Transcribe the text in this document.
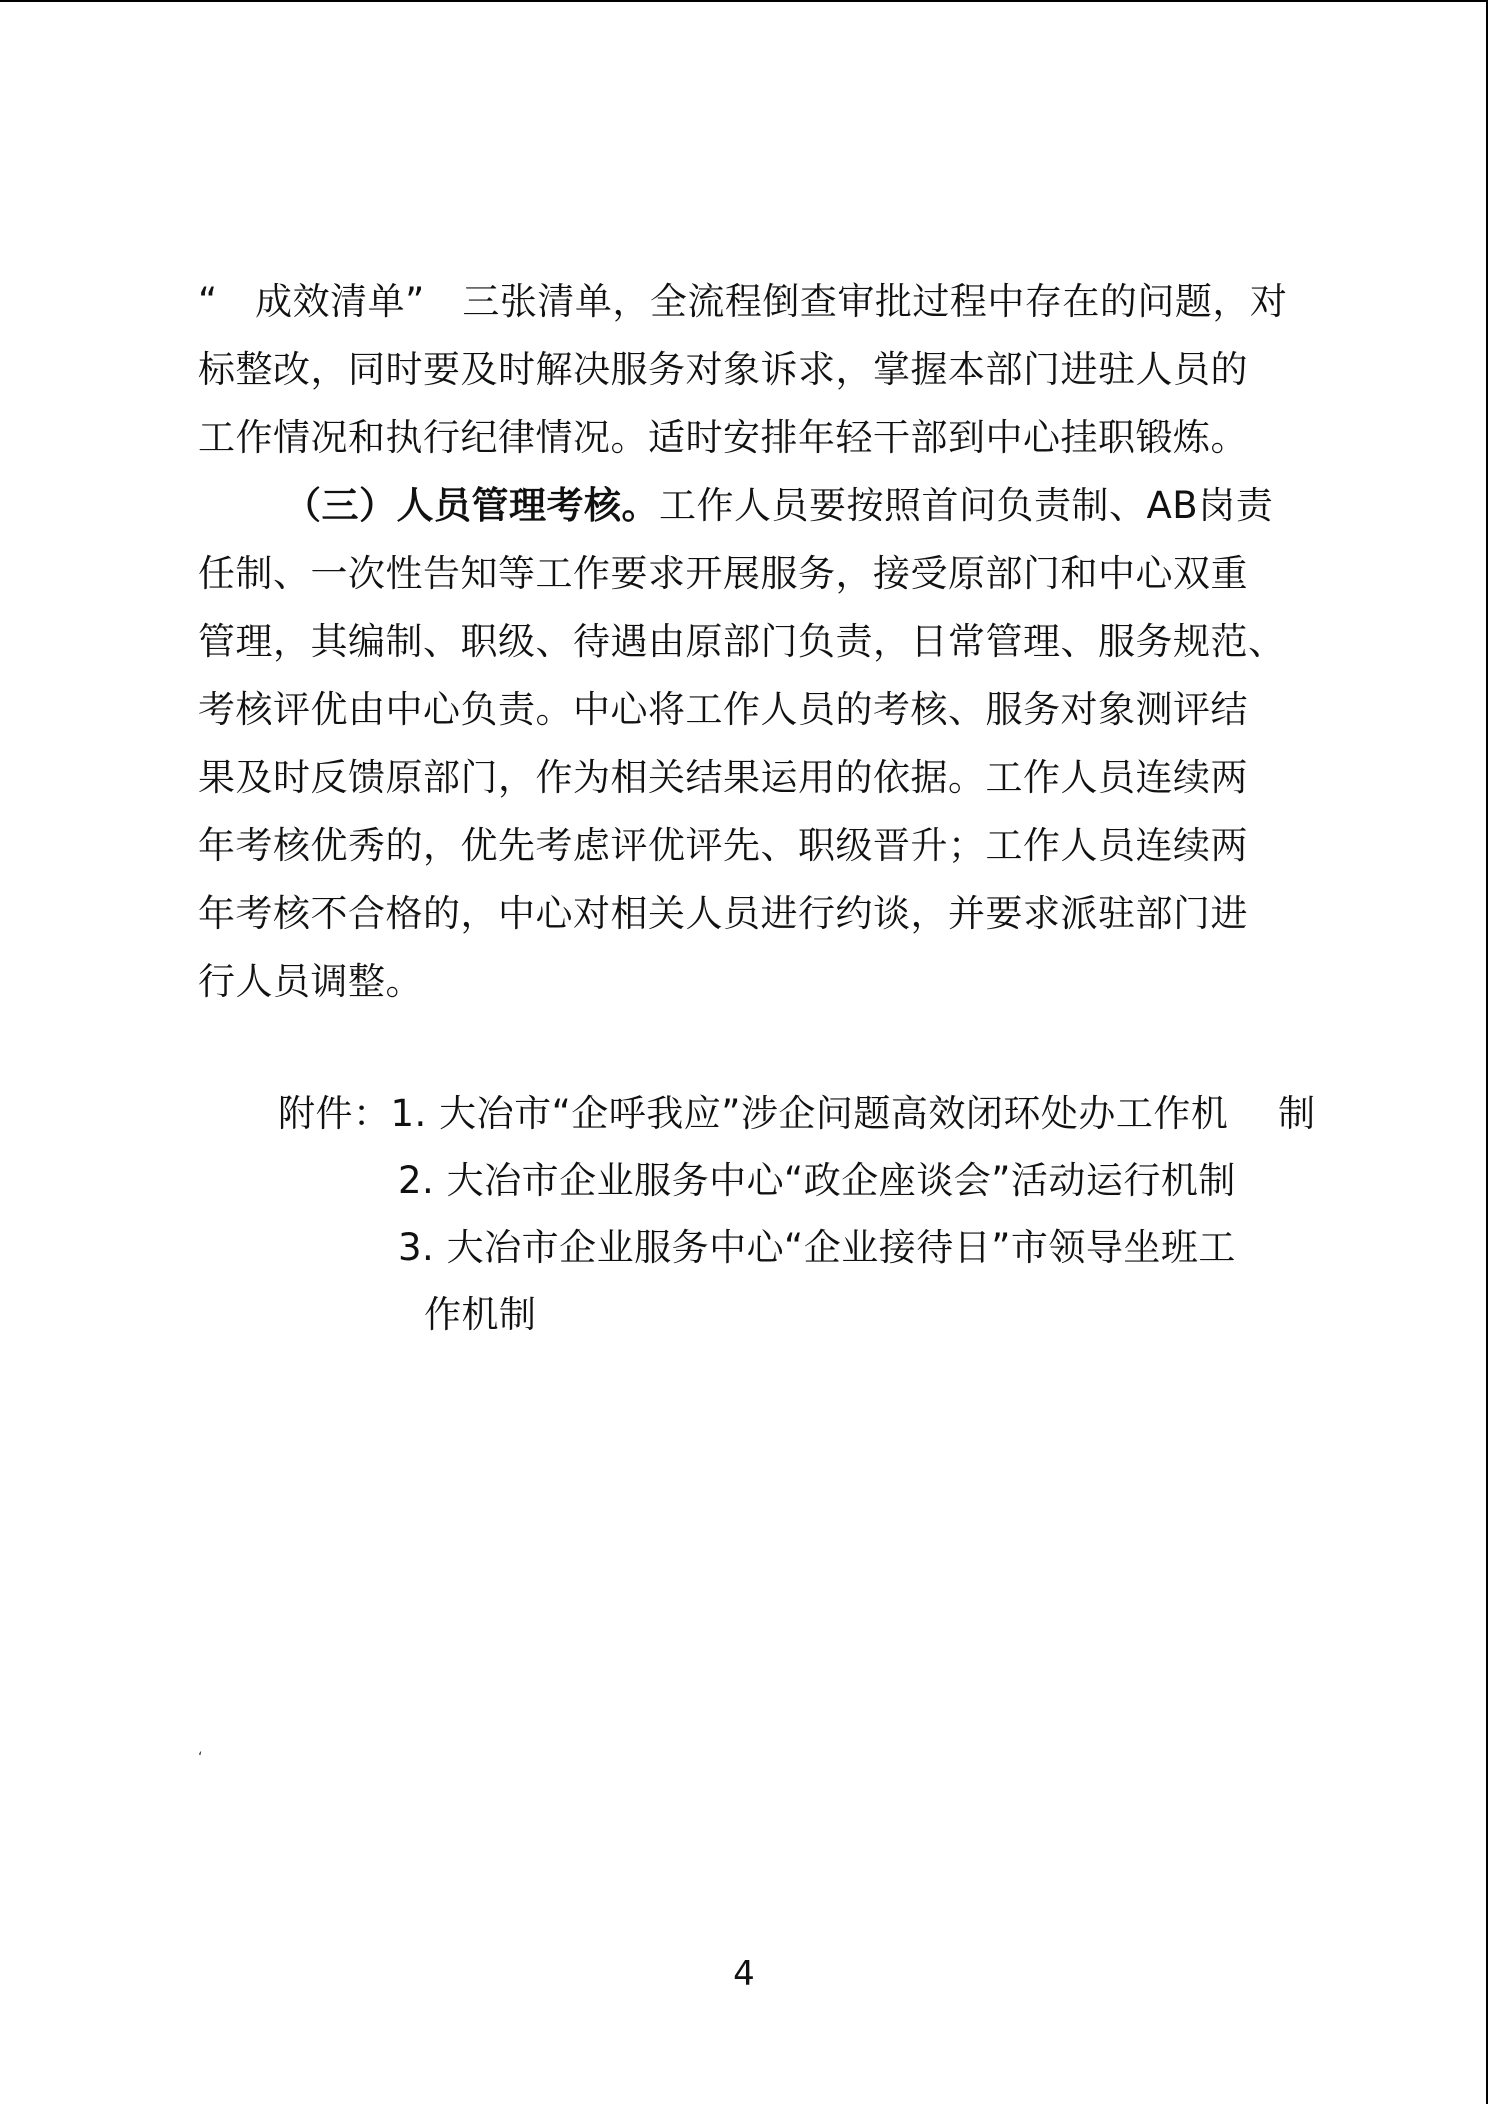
“　成效清单”　三张清单，全流程倒查审批过程中存在的问题，对
标整改，同时要及时解决服务对象诉求，掌握本部门进驻人员的
工作情况和执行纪律情况。适时安排年轻干部到中心挂职锻炼。
（三）人员管理考核。工作人员要按照首问负责制、AB岗责
任制、一次性告知等工作要求开展服务，接受原部门和中心双重
管理，其编制、职级、待遇由原部门负责，日常管理、服务规范、
考核评优由中心负责。中心将工作人员的考核、服务对象测评结
果及时反馈原部门，作为相关结果运用的依据。工作人员连续两
年考核优秀的，优先考虑评优评先、职级晋升；工作人员连续两
年考核不合格的，中心对相关人员进行约谈，并要求派驻部门进
行人员调整。
附件：1. 大冶市“企呼我应”涉企问题高效闭环处办工作机　 制
2. 大冶市企业服务中心“政企座谈会”活动运行机制
3. 大冶市企业服务中心“企业接待日”市领导坐班工
作机制
‘
4
